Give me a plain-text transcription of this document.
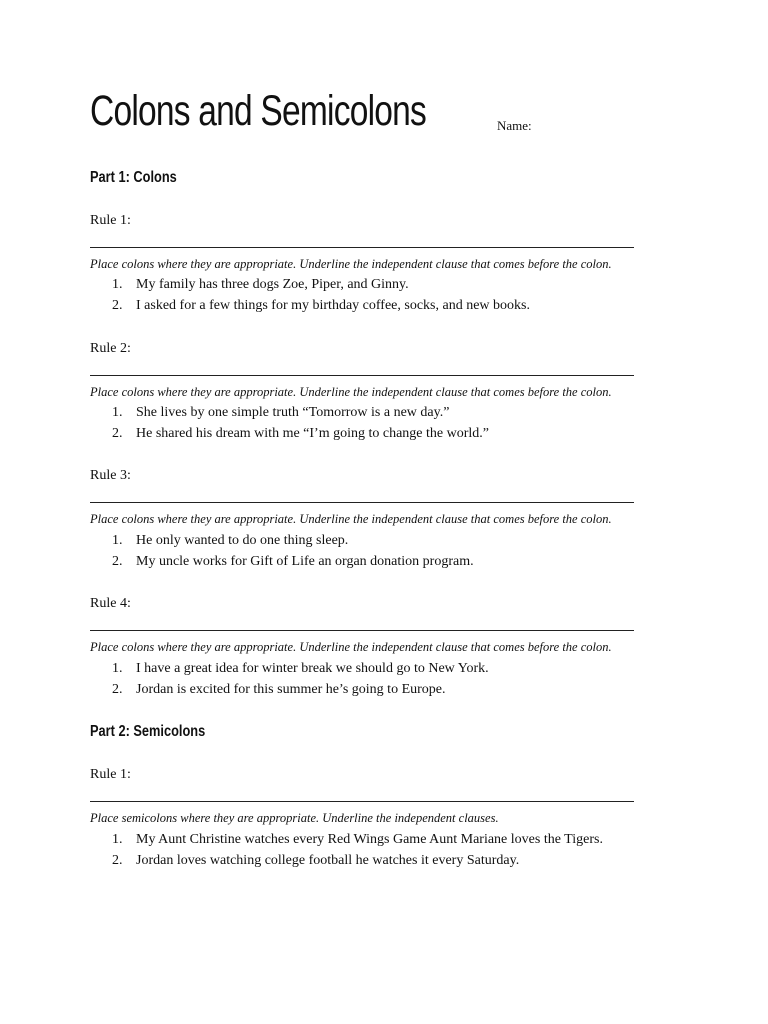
Colons and Semicolons	Name:
Part 1: Colons
Rule 1:
Place colons where they are appropriate. Underline the independent clause that comes before the colon.
1. My family has three dogs Zoe, Piper, and Ginny.
2. I asked for a few things for my birthday coffee, socks, and new books.
Rule 2:
Place colons where they are appropriate. Underline the independent clause that comes before the colon.
1. She lives by one simple truth “Tomorrow is a new day.”
2. He shared his dream with me “I’m going to change the world.”
Rule 3:
Place colons where they are appropriate. Underline the independent clause that comes before the colon.
1. He only wanted to do one thing sleep.
2. My uncle works for Gift of Life an organ donation program.
Rule 4:
Place colons where they are appropriate. Underline the independent clause that comes before the colon.
1. I have a great idea for winter break we should go to New York.
2. Jordan is excited for this summer he’s going to Europe.
Part 2: Semicolons
Rule 1:
Place semicolons where they are appropriate. Underline the independent clauses.
1. My Aunt Christine watches every Red Wings Game Aunt Mariane loves the Tigers.
2. Jordan loves watching college football he watches it every Saturday.
